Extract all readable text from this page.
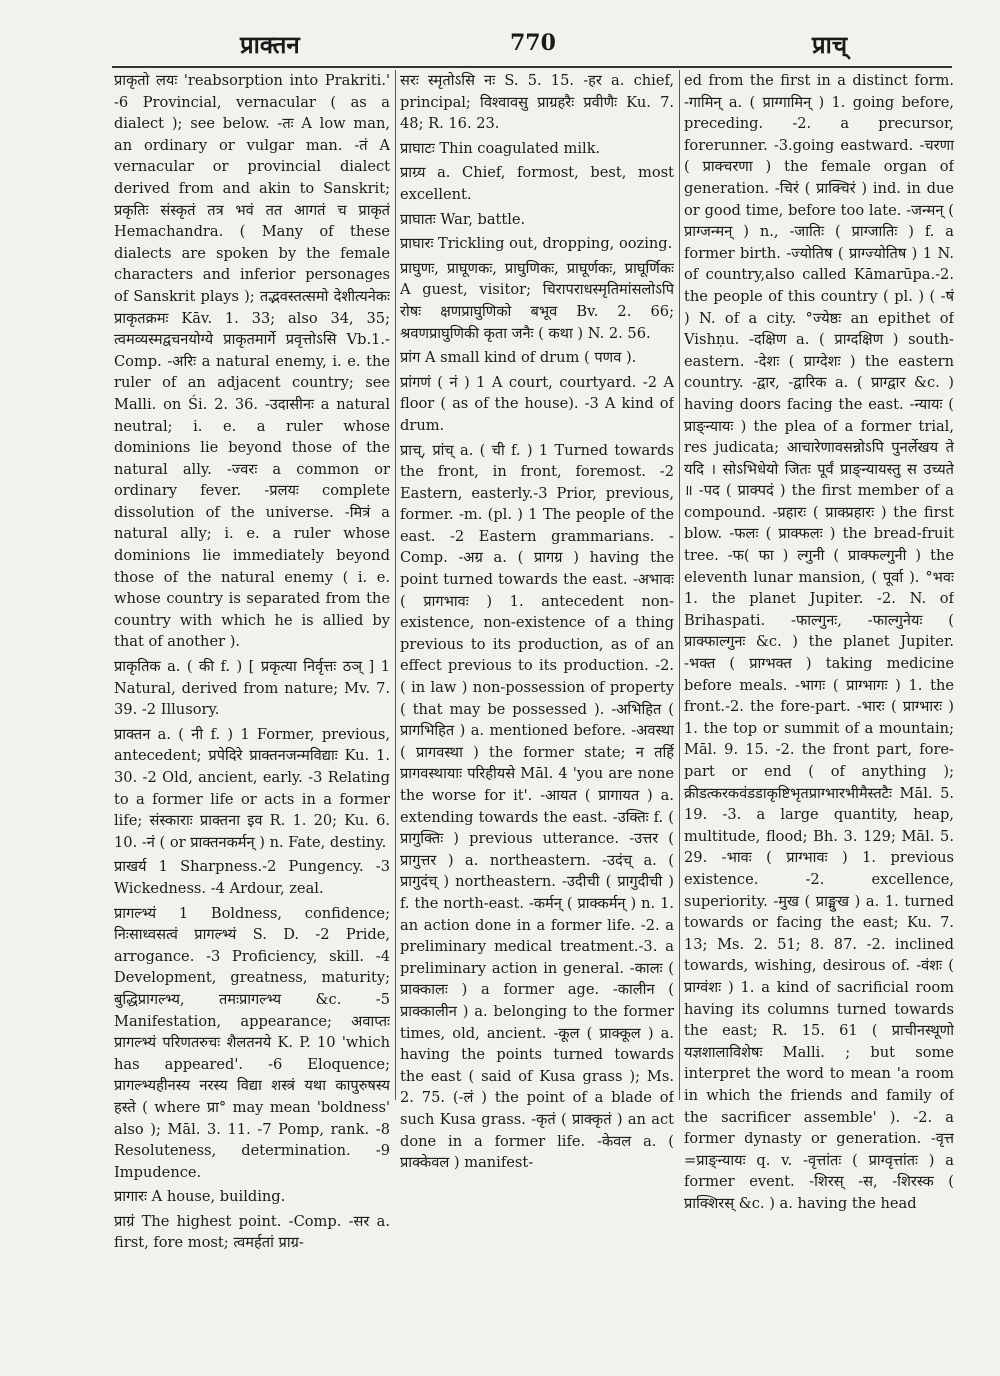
प्राक्तन	770	प्राच्

प्राकृतो लयः 'reabsorption into Prakriti.' -6 Provincial, vernacular ( as a dialect ); see below. -तः A low man, an ordinary or vulgar man. -तं A vernacular or provincial dialect derived from and akin to Sanskrit; प्रकृतिः संस्कृतं तत्र भवं तत आगतं च प्राकृतं Hemachandra. ( Many of these dialects are spoken by the female characters and inferior personages of Sanskrit plays ); तद्भवस्तत्समो देशीत्यनेकः प्राकृतक्रमः Kāv. 1. 33; also 34, 35; त्वमव्यस्मद्वचनयोग्ये प्राकृतमार्गे प्रवृत्तोऽसि Vb.1.-Comp. -अरिः a natural enemy, i. e. the ruler of an adjacent country; see Malli. on Śi. 2. 36. -उदासीनः a natural neutral; i. e. a ruler whose dominions lie beyond those of the natural ally. -ज्वरः a common or ordinary fever. -प्रलयः complete dissolution of the universe. -मित्रं a natural ally; i. e. a ruler whose dominions lie immediately beyond those of the natural enemy ( i. e. whose country is separated from the country with which he is allied by that of another ).

प्राकृतिक a. ( की f. ) [ प्रकृत्या निर्वृत्तः ठञ् ] 1 Natural, derived from nature; Mv. 7. 39. -2 Illusory.

प्राक्तन a. ( नी f. ) 1 Former, previous, antecedent; प्रपेदिरे प्राक्तनजन्मविद्याः Ku. 1. 30. -2 Old, ancient, early. -3 Relating to a former life or acts in a former life; संस्काराः प्राक्तना इव R. 1. 20; Ku. 6. 10. -नं ( or प्राक्तनकर्मन् ) n. Fate, destiny.

प्राखर्य 1 Sharpness.-2 Pungency. -3 Wickedness. -4 Ardour, zeal.

प्रागल्भ्यं 1 Boldness, confidence; निःसाध्वसत्वं प्रागल्भ्यं S. D. -2 Pride, arrogance. -3 Proficiency, skill. -4 Development, greatness, maturity; बुद्धिप्रागल्भ्य, तमःप्रागल्भ्य &c. -5 Manifestation, appearance; अवाप्तः प्रागल्भ्यं परिणतरुचः शैलतनये K. P. 10 'which has appeared'. -6 Eloquence; प्रागल्भ्यहीनस्य नरस्य विद्या शस्त्रं यथा कापुरुषस्य हस्ते ( where प्रा° may mean 'boldness' also ); Māl. 3. 11. -7 Pomp, rank. -8 Resoluteness, determination. -9 Impudence.

प्रागारः A house, building.

प्राग्रं The highest point. -Comp. -सर a. first, fore most; त्वमर्हतां प्राग्र-

सरः स्मृतोऽसि नः S. 5. 15. -हर a. chief, principal; विश्वावसु प्राग्रहरैः प्रवीणैः Ku. 7. 48; R. 16. 23.

प्राघाटः Thin coagulated milk.

प्राग्र्य a. Chief, formost, best, most excellent.

प्राघातः War, battle.

प्राघारः Trickling out, dropping, oozing.

प्राघुणः, प्राघूणकः, प्राघुणिकः, प्राघूर्णकः, प्राघूर्णिकः A guest, visitor; चिरापराधस्मृतिमांसलोऽपि रोषः क्षणप्राघुणिको बभूव Bv. 2. 66; श्रवणप्राघुणिकी कृता जनैः ( कथा ) N. 2. 56.

प्रांग A small kind of drum ( पणव ).

प्रांगणं ( नं ) 1 A court, courtyard. -2 A floor ( as of the house). -3 A kind of drum.

प्राच्, प्रांच् a. ( ची f. ) 1 Turned towards the front, in front, foremost. -2 Eastern, easterly.-3 Prior, previous, former. -m. (pl. ) 1 The people of the east. -2 Eastern grammarians. -Comp. -अग्र a. ( प्रागग्र ) having the point turned towards the east. -अभावः ( प्रागभावः ) 1. antecedent non-existence, non-existence of a thing previous to its production, as of an effect previous to its production. -2. ( in law ) non-possession of property ( that may be possessed ). -अभिहित ( प्रागभिहित ) a. mentioned before. -अवस्था ( प्रागवस्था ) the former state; न तर्हि प्रागवस्थायाः परिहीयसे Māl. 4 'you are none the worse for it'. -आयत ( प्रागायत ) a. extending towards the east. -उक्तिः f. ( प्रागुक्तिः ) previous utterance. -उत्तर ( प्रागुत्तर ) a. northeastern. -उदंच् a. ( प्रागुदंच् ) northeastern. -उदीची ( प्रागुदीची ) f. the north-east. -कर्मन् ( प्राक्कर्मन् ) n. 1. an action done in a former life. -2. a preliminary medical treatment.-3. a preliminary action in general. -कालः ( प्राक्कालः ) a former age. -कालीन ( प्राक्कालीन ) a. belonging to the former times, old, ancient. -कूल ( प्राक्कूल ) a. having the points turned towards the east ( said of Kusa grass ); Ms. 2. 75. (-लं ) the point of a blade of such Kusa grass. -कृतं ( प्राक्कृतं ) an act done in a former life. -केवल a. ( प्राक्केवल ) manifest-

ed from the first in a distinct form. -गामिन् a. ( प्राग्गामिन् ) 1. going before, preceding. -2. a precursor, forerunner. -3.going eastward. -चरणा ( प्राक्चरणा ) the female organ of generation. -चिरं ( प्राक्चिरं ) ind. in due or good time, before too late. -जन्मन् ( प्राग्जन्मन् ) n., -जातिः ( प्राग्जातिः ) f. a former birth. -ज्योतिष ( प्राग्ज्योतिष ) 1 N. of country,also called Kāmarūpa.-2. the people of this country ( pl. ) ( -षं ) N. of a city. °ज्येष्ठः an epithet of Vishṇu. -दक्षिण a. ( प्राग्दक्षिण ) south-eastern. -देशः ( प्राग्देशः ) the eastern country. -द्वार, -द्वारिक a. ( प्राग्द्वार &c. ) having doors facing the east. -न्यायः ( प्राङ्न्यायः ) the plea of a former trial, res judicata; आचारेणावसन्नोऽपि पुनर्लेखय ते यदि । सोऽभिधेयो जितः पूर्वं प्राङ्न्यायस्तु स उच्यते ॥ -पद ( प्राक्पदं ) the first member of a compound. -प्रहारः ( प्राक्प्रहारः ) the first blow. -फलः ( प्राक्फलः ) the bread-fruit tree. -फ( फा ) ल्गुनी ( प्राक्फल्गुनी ) the eleventh lunar mansion, ( पूर्वा ). °भवः 1. the planet Jupiter. -2. N. of Brihaspati. -फाल्गुनः, -फाल्गुनेयः ( प्राक्फाल्गुनः &c. ) the planet Jupiter. -भक्त ( प्राग्भक्त ) taking medicine before meals. -भागः ( प्राग्भागः ) 1. the front.-2. the fore-part. -भारः ( प्राग्भारः ) 1. the top or summit of a mountain; Māl. 9. 15. -2. the front part, fore-part or end ( of anything ); क्रीडत्करकवंडडाकृष्टिभृतप्राग्भारभीमैस्तटैः Māl. 5. 19. -3. a large quantity, heap, multitude, flood; Bh. 3. 129; Māl. 5. 29. -भावः ( प्राग्भावः ) 1. previous existence. -2. excellence, superiority. -मुख ( प्राङ्मुख ) a. 1. turned towards or facing the east; Ku. 7. 13; Ms. 2. 51; 8. 87. -2. inclined towards, wishing, desirous of. -वंशः ( प्राग्वंशः ) 1. a kind of sacrificial room having its columns turned towards the east; R. 15. 61 ( प्राचीनस्थूणो यज्ञशालाविशेषः Malli. ; but some interpret the word to mean 'a room in which the friends and family of the sacrificer assemble' ). -2. a former dynasty or generation. -वृत्त =प्राङ्न्यायः q. v. -वृत्तांतः ( प्राग्वृत्तांतः ) a former event. -शिरस् -स, -शिरस्क ( प्राक्शिरस् &c. ) a. having the head
